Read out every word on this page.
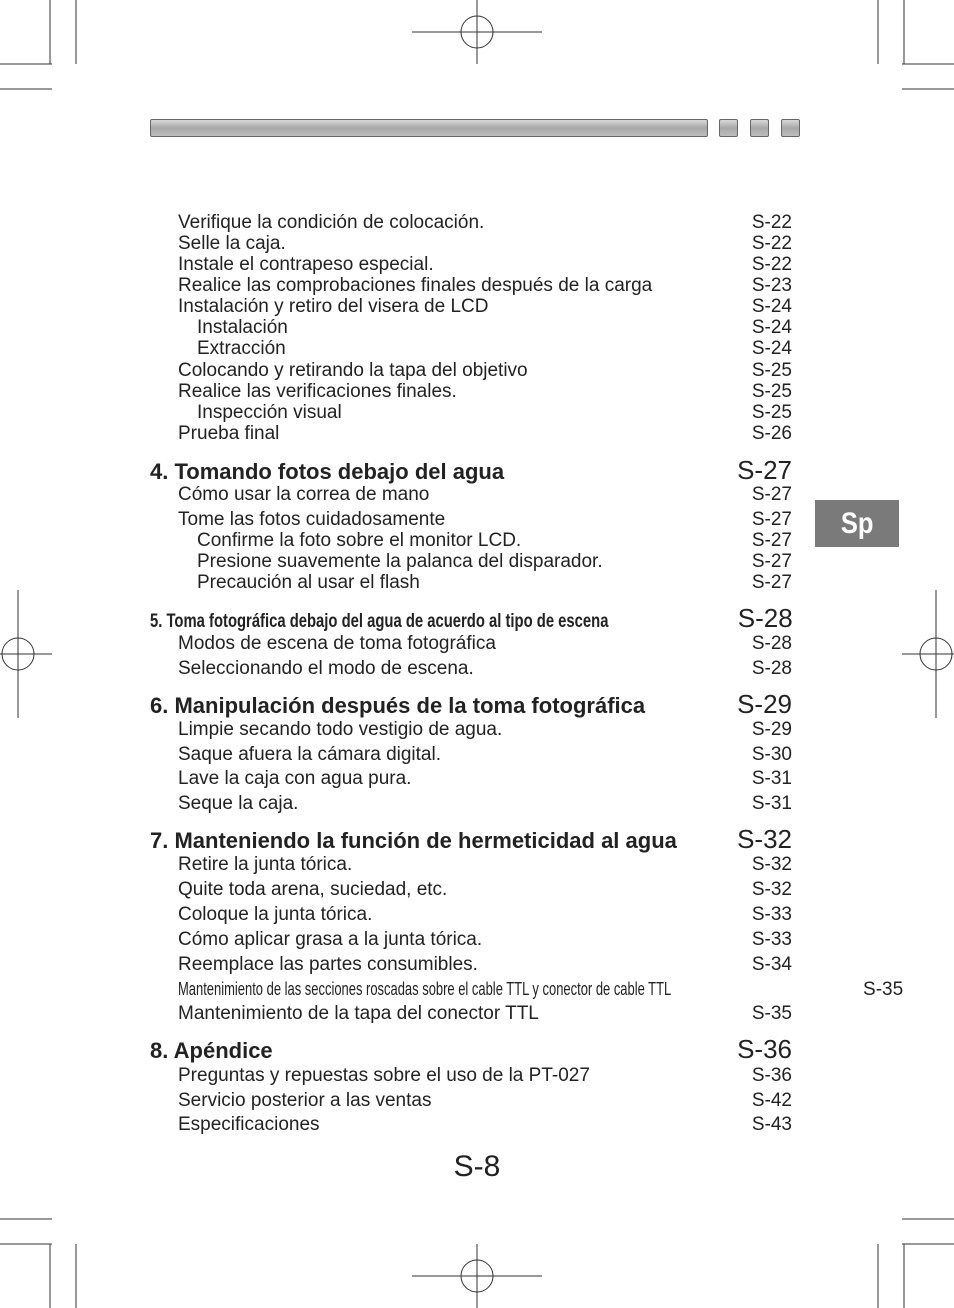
Sp
Verifique la condición de colocación.	S-22
Selle la caja.	S-22
Instale el contrapeso especial.	S-22
Realice las comprobaciones finales después de la carga	S-23
Instalación y retiro del visera de LCD	S-24
Instalación	S-24
Extracción	S-24
Colocando y retirando la tapa del objetivo	S-25
Realice las verificaciones finales.	S-25
Inspección visual	S-25
Prueba final	S-26
4. Tomando fotos debajo del agua	S-27
Cómo usar la correa de mano	S-27
Tome las fotos cuidadosamente	S-27
Confirme la foto sobre el monitor LCD.	S-27
Presione suavemente la palanca del disparador.	S-27
Precaución al usar el flash	S-27
5. Toma fotográfica debajo del agua de acuerdo al tipo de escena	S-28
Modos de escena de toma fotográfica	S-28
Seleccionando el modo de escena.	S-28
6. Manipulación después de la toma fotográfica	S-29
Limpie secando todo vestigio de agua.	S-29
Saque afuera la cámara digital.	S-30
Lave la caja con agua pura.	S-31
Seque la caja.	S-31
7. Manteniendo la función de hermeticidad al agua S-32
Retire la junta tórica.	S-32
Quite toda arena, suciedad, etc.	S-32
Coloque la junta tórica.	S-33
Cómo aplicar grasa a la junta tórica.	S-33
Reemplace las partes consumibles.	S-34
Mantenimiento de las secciones roscadas sobre el cable TTL y conector de cable TTL	S-35
Mantenimiento de la tapa del conector TTL	S-35
8. Apéndice	S-36
Preguntas y repuestas sobre el uso de la PT-027	S-36
Servicio posterior a las ventas	S-42
Especificaciones	S-43
S-8
